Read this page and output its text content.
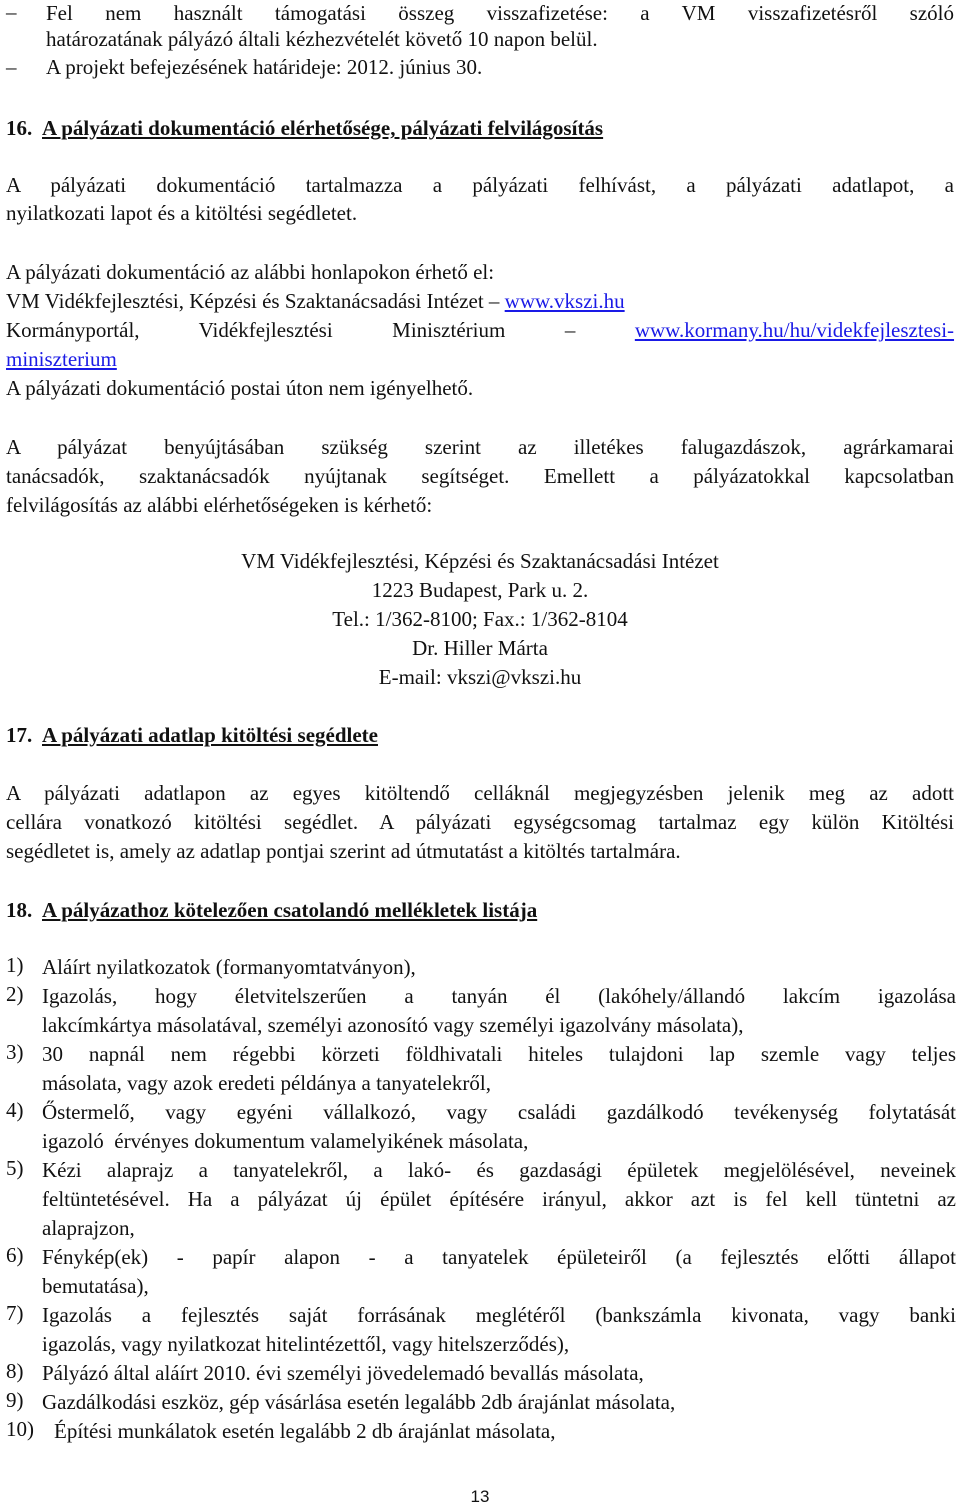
–	Fel nem használt támogatási összeg visszafizetése: a VM visszafizetésről szóló
határozatának pályázó általi kézhezvételét követő 10 napon belül.
–	A projekt befejezésének határideje: 2012. június 30.
16. A pályázati dokumentáció elérhetősége, pályázati felvilágosítás
A pályázati dokumentáció tartalmazza a pályázati felhívást, a pályázati adatlapot, a
nyilatkozati lapot és a kitöltési segédletet.
A pályázati dokumentáció az alábbi honlapokon érhető el:
VM Vidékfejlesztési, Képzési és Szaktanácsadási Intézet – www.vkszi.hu
Kormányportál, Vidékfejlesztési Minisztérium	–	www.kormany.hu/hu/videkfejlesztesi-
miniszterium
A pályázati dokumentáció postai úton nem igényelhető.
A pályázat benyújtásában szükség szerint az illetékes falugazdászok, agrárkamarai
tanácsadók, szaktanácsadók nyújtanak segítséget. Emellett a pályázatokkal kapcsolatban
felvilágosítás az alábbi elérhetőségeken is kérhető:
VM Vidékfejlesztési, Képzési és Szaktanácsadási Intézet
1223 Budapest, Park u. 2.
Tel.: 1/362-8100; Fax.: 1/362-8104
Dr. Hiller Márta
E-mail: vkszi@vkszi.hu
17. A pályázati adatlap kitöltési segédlete
A pályázati adatlapon az egyes kitöltendő celláknál megjegyzésben jelenik meg az adott
cellára vonatkozó kitöltési segédlet. A pályázati egységcsomag tartalmaz egy külön Kitöltési
segédletet is, amely az adatlap pontjai szerint ad útmutatást a kitöltés tartalmára.
18. A pályázathoz kötelezően csatolandó mellékletek listája
1) Aláírt nyilatkozatok (formanyomtatványon),
2) Igazolás, hogy életvitelszerűen a tanyán él (lakóhely/állandó lakcím igazolása
lakcímkártya másolatával, személyi azonosító vagy személyi igazolvány másolata),
3) 30 napnál nem régebbi körzeti földhivatali hiteles tulajdoni lap szemle vagy teljes
másolata, vagy azok eredeti példánya a tanyatelekről,
4) Őstermelő, vagy egyéni vállalkozó, vagy családi gazdálkodó tevékenység folytatását
igazoló  érvényes dokumentum valamelyikének másolata,
5) Kézi alaprajz a tanyatelekről, a lakó- és gazdasági épületek megjelölésével, neveinek
feltüntetésével. Ha a pályázat új épület építésére irányul, akkor azt is fel kell tüntetni az
alaprajzon,
6) Fénykép(ek) - papír alapon - a tanyatelek épületeiről (a fejlesztés előtti állapot
bemutatása),
7) Igazolás a fejlesztés saját forrásának meglétéről (bankszámla kivonata, vagy banki
igazolás, vagy nyilatkozat hitelintézettől, vagy hitelszerződés),
8) Pályázó által aláírt 2010. évi személyi jövedelemadó bevallás másolata,
9) Gazdálkodási eszköz, gép vásárlása esetén legalább 2db árajánlat másolata,
10) Építési munkálatok esetén legalább 2 db árajánlat másolata,
13
